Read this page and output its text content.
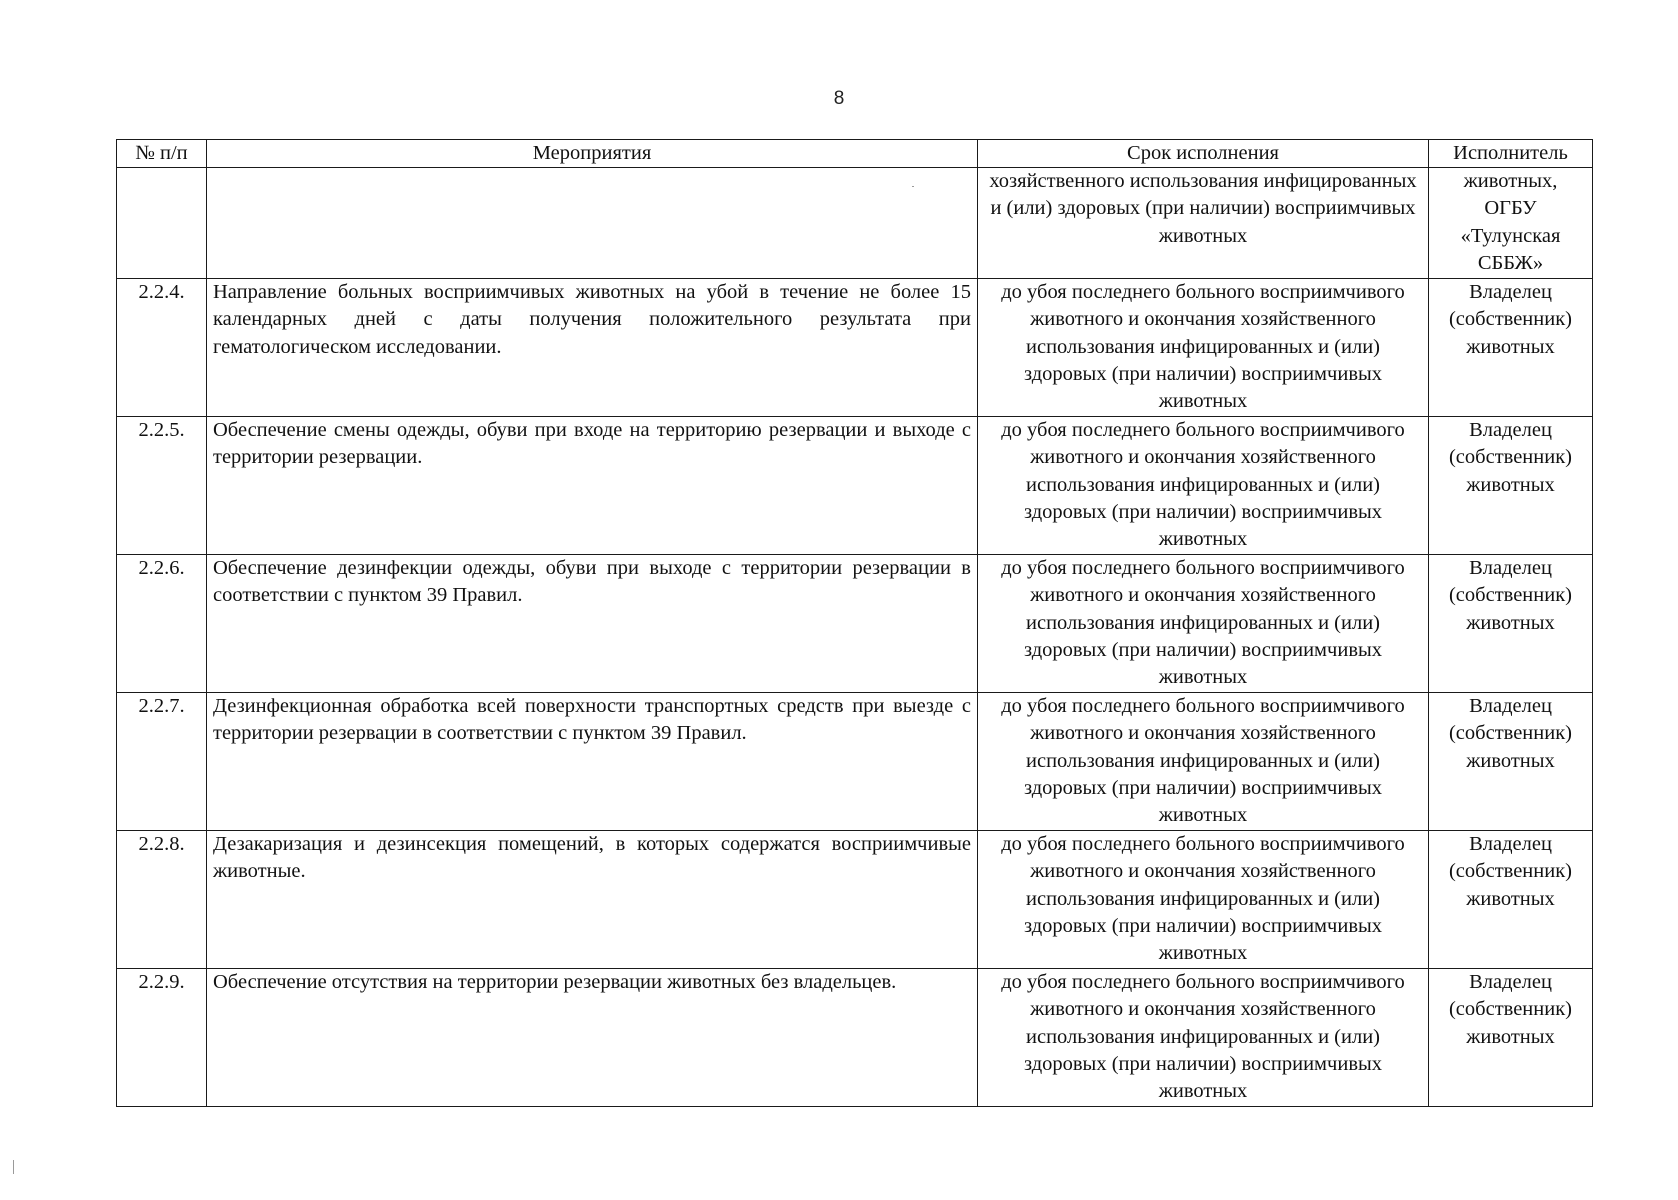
8
№ п/п	Мероприятия	Срок исполнения	Исполнитель
		хозяйственного использования инфицированных и (или) здоровых (при наличии) восприимчивых животных	животных, ОГБУ «Тулунская СББЖ»
2.2.4.	Направление больных восприимчивых животных на убой в течение не более 15 календарных дней с даты получения положительного результата при гематологическом исследовании.	до убоя последнего больного восприимчивого животного и окончания хозяйственного использования инфицированных и (или) здоровых (при наличии) восприимчивых животных	Владелец (собственник) животных
2.2.5.	Обеспечение смены одежды, обуви при входе на территорию резервации и выходе с территории резервации.	до убоя последнего больного восприимчивого животного и окончания хозяйственного использования инфицированных и (или) здоровых (при наличии) восприимчивых животных	Владелец (собственник) животных
2.2.6.	Обеспечение дезинфекции одежды, обуви при выходе с территории резервации в соответствии с пунктом 39 Правил.	до убоя последнего больного восприимчивого животного и окончания хозяйственного использования инфицированных и (или) здоровых (при наличии) восприимчивых животных	Владелец (собственник) животных
2.2.7.	Дезинфекционная обработка всей поверхности транспортных средств при выезде с территории резервации в соответствии с пунктом 39 Правил.	до убоя последнего больного восприимчивого животного и окончания хозяйственного использования инфицированных и (или) здоровых (при наличии) восприимчивых животных	Владелец (собственник) животных
2.2.8.	Дезакаризация и дезинсекция помещений, в которых содержатся восприимчивые животные.	до убоя последнего больного восприимчивого животного и окончания хозяйственного использования инфицированных и (или) здоровых (при наличии) восприимчивых животных	Владелец (собственник) животных
2.2.9.	Обеспечение отсутствия на территории резервации животных без владельцев.	до убоя последнего больного восприимчивого животного и окончания хозяйственного использования инфицированных и (или) здоровых (при наличии) восприимчивых животных	Владелец (собственник) животных
